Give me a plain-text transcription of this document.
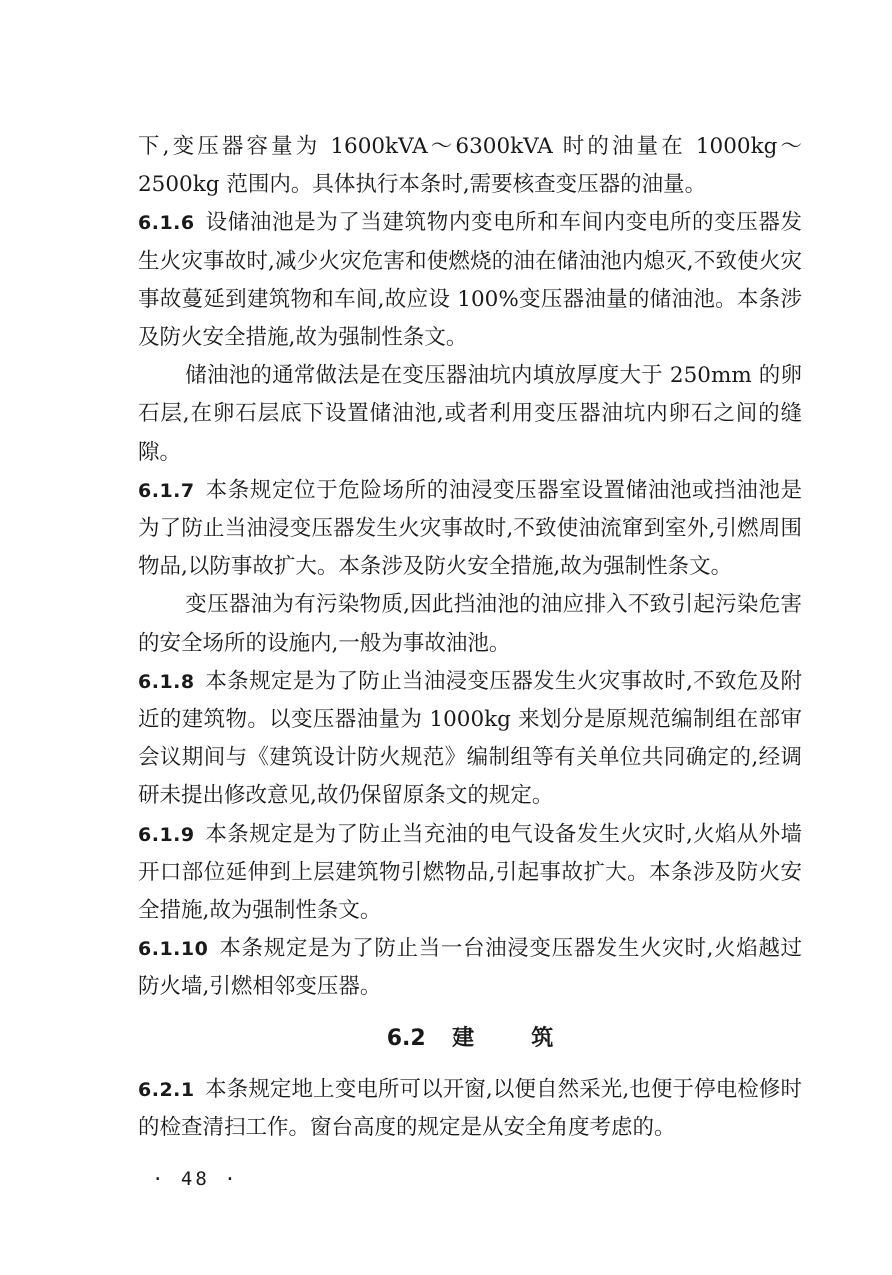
下,变压器容量为 1600kVA～6300kVA 时的油量在 1000kg～2500kg 范围内。具体执行本条时,需要核查变压器的油量。

6.1.6 设储油池是为了当建筑物内变电所和车间内变电所的变压器发生火灾事故时,减少火灾危害和使燃烧的油在储油池内熄灭,不致使火灾事故蔓延到建筑物和车间,故应设 100%变压器油量的储油池。本条涉及防火安全措施,故为强制性条文。

储油池的通常做法是在变压器油坑内填放厚度大于 250mm 的卵石层,在卵石层底下设置储油池,或者利用变压器油坑内卵石之间的缝隙。

6.1.7 本条规定位于危险场所的油浸变压器室设置储油池或挡油池是为了防止当油浸变压器发生火灾事故时,不致使油流窜到室外,引燃周围物品,以防事故扩大。本条涉及防火安全措施,故为强制性条文。

变压器油为有污染物质,因此挡油池的油应排入不致引起污染危害的安全场所的设施内,一般为事故油池。

6.1.8 本条规定是为了防止当油浸变压器发生火灾事故时,不致危及附近的建筑物。以变压器油量为 1000kg 来划分是原规范编制组在部审会议期间与《建筑设计防火规范》编制组等有关单位共同确定的,经调研未提出修改意见,故仍保留原条文的规定。

6.1.9 本条规定是为了防止当充油的电气设备发生火灾时,火焰从外墙开口部位延伸到上层建筑物引燃物品,引起事故扩大。本条涉及防火安全措施,故为强制性条文。

6.1.10 本条规定是为了防止当一台油浸变压器发生火灾时,火焰越过防火墙,引燃相邻变压器。

6.2 建筑

6.2.1 本条规定地上变电所可以开窗,以便自然采光,也便于停电检修时的检查清扫工作。窗台高度的规定是从安全角度考虑的。

· 48 ·
